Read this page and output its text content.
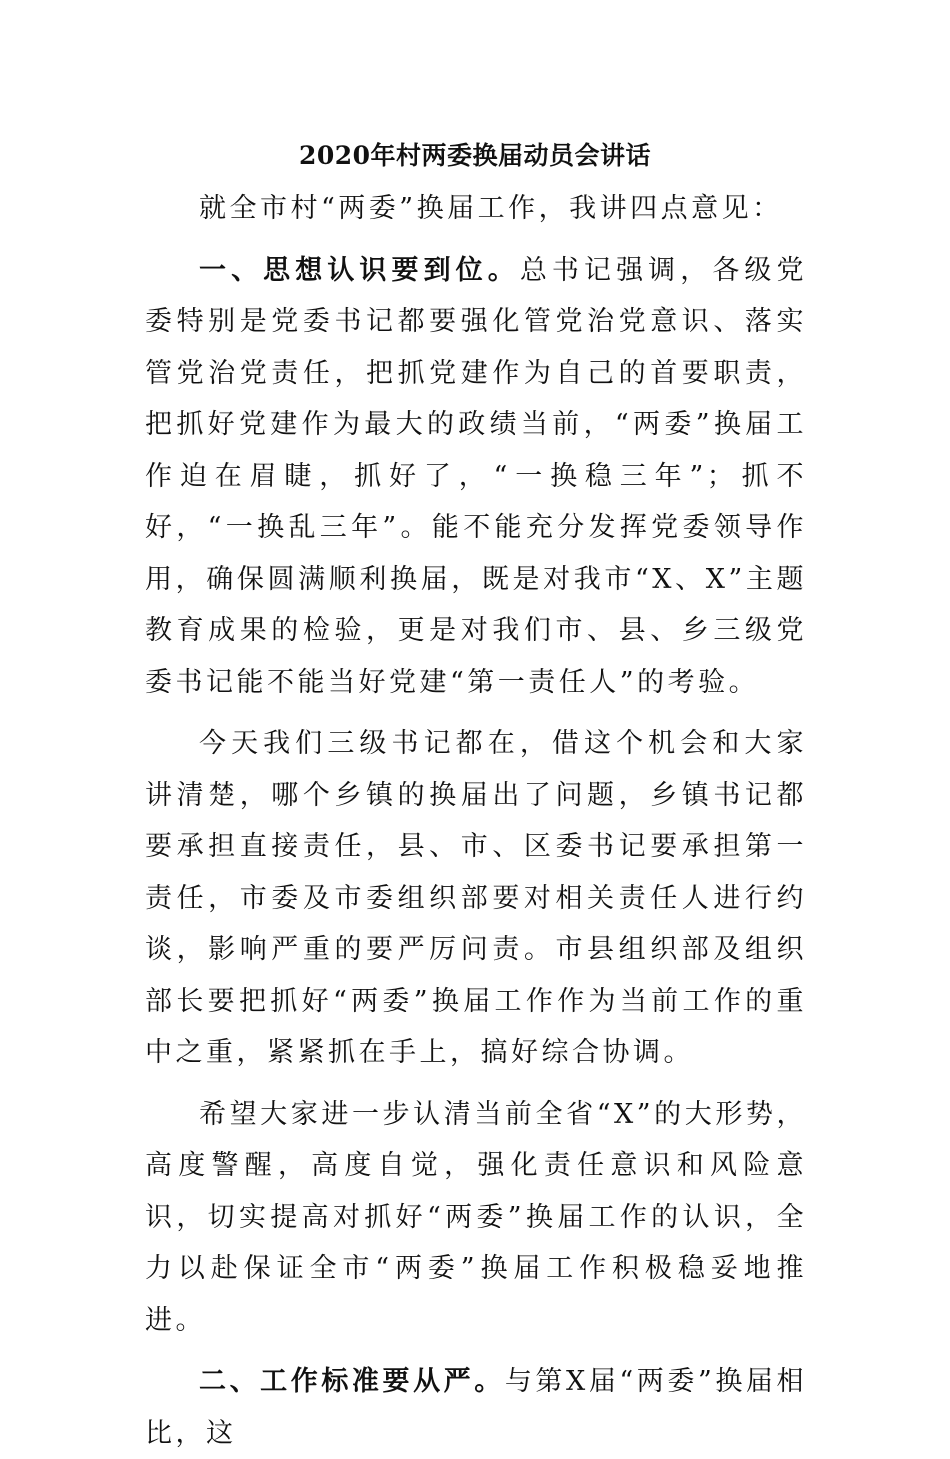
2020年村两委换届动员会讲话

就全市村“两委”换届工作，我讲四点意见：

一、思想认识要到位。总书记强调，各级党委特别是党委书记都要强化管党治党意识、落实管党治党责任，把抓党建作为自己的首要职责，把抓好党建作为最大的政绩当前，“两委”换届工作迫在眉睫，抓好了，“一换稳三年”；抓不好，“一换乱三年”。能不能充分发挥党委领导作用，确保圆满顺利换届，既是对我市“X、X”主题教育成果的检验，更是对我们市、县、乡三级党委书记能不能当好党建“第一责任人”的考验。

今天我们三级书记都在，借这个机会和大家讲清楚，哪个乡镇的换届出了问题，乡镇书记都要承担直接责任，县、市、区委书记要承担第一责任，市委及市委组织部要对相关责任人进行约谈，影响严重的要严厉问责。市县组织部及组织部长要把抓好“两委”换届工作作为当前工作的重中之重，紧紧抓在手上，搞好综合协调。

希望大家进一步认清当前全省“X”的大形势，高度警醒，高度自觉，强化责任意识和风险意识，切实提高对抓好“两委”换届工作的认识，全力以赴保证全市“两委”换届工作积极稳妥地推进。

二、工作标准要从严。与第X届“两委”换届相比，这
